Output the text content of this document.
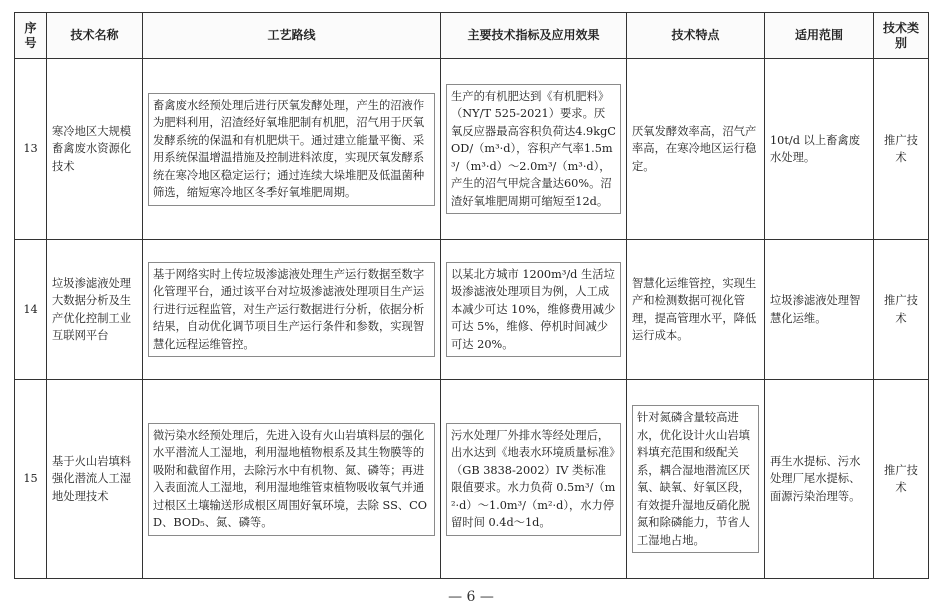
序号	技术名称	工艺路线	主要技术指标及应用效果	技术特点	适用范围	技术类别
13	寒冷地区大规模畜禽废水资源化技术	畜禽废水经预处理后进行厌氧发酵处理，产生的沼液作为肥料利用，沼渣经好氧堆肥制有机肥，沼气用于厌氧发酵系统的保温和有机肥烘干。通过建立能量平衡、采用系统保温增温措施及控制进料浓度，实现厌氧发酵系统在寒冷地区稳定运行；通过连续大垛堆肥及低温菌种筛选，缩短寒冷地区冬季好氧堆肥周期。	生产的有机肥达到《有机肥料》（NY/T 525-2021）要求。厌氧反应器最高容积负荷达4.9kgCOD/（m³·d），容积产气率1.5m³/（m³·d）～2.0m³/（m³·d），产生的沼气甲烷含量达60%。沼渣好氧堆肥周期可缩短至12d。	厌氧发酵效率高，沼气产率高，在寒冷地区运行稳定。	10t/d 以上畜禽废水处理。	推广技术
14	垃圾渗滤液处理大数据分析及生产优化控制工业互联网平台	基于网络实时上传垃圾渗滤液处理生产运行数据至数字化管理平台，通过该平台对垃圾渗滤液处理项目生产运行进行远程监管，对生产运行数据进行分析，依据分析结果，自动优化调节项目生产运行条件和参数，实现智慧化远程运维管控。	以某北方城市 1200m³/d 生活垃圾渗滤液处理项目为例，人工成本减少可达 10%，维修费用减少可达 5%，维修、停机时间减少可达 20%。	智慧化运维管控，实现生产和检测数据可视化管理，提高管理水平，降低运行成本。	垃圾渗滤液处理智慧化运维。	推广技术
15	基于火山岩填料强化潜流人工湿地处理技术	微污染水经预处理后，先进入设有火山岩填料层的强化水平潜流人工湿地，利用湿地植物根系及其生物膜等的吸附和截留作用，去除污水中有机物、氮、磷等；再进入表面流人工湿地，利用湿地维管束植物吸收氧气并通过根区土壤输送形成根区周围好氧环境，去除 SS、COD、BOD₅、氮、磷等。	污水处理厂外排水等经处理后，出水达到《地表水环境质量标准》（GB 3838-2002）IV 类标准限值要求。水力负荷 0.5m³/（m²·d）～1.0m³/（m²·d），水力停留时间 0.4d～1d。	针对氮磷含量较高进水，优化设计火山岩填料填充范围和级配关系，耦合湿地潜流区厌氧、缺氧、好氧区段，有效提升湿地反硝化脱氮和除磷能力，节省人工湿地占地。	再生水提标、污水处理厂尾水提标、面源污染治理等。	推广技术
— 6 —
